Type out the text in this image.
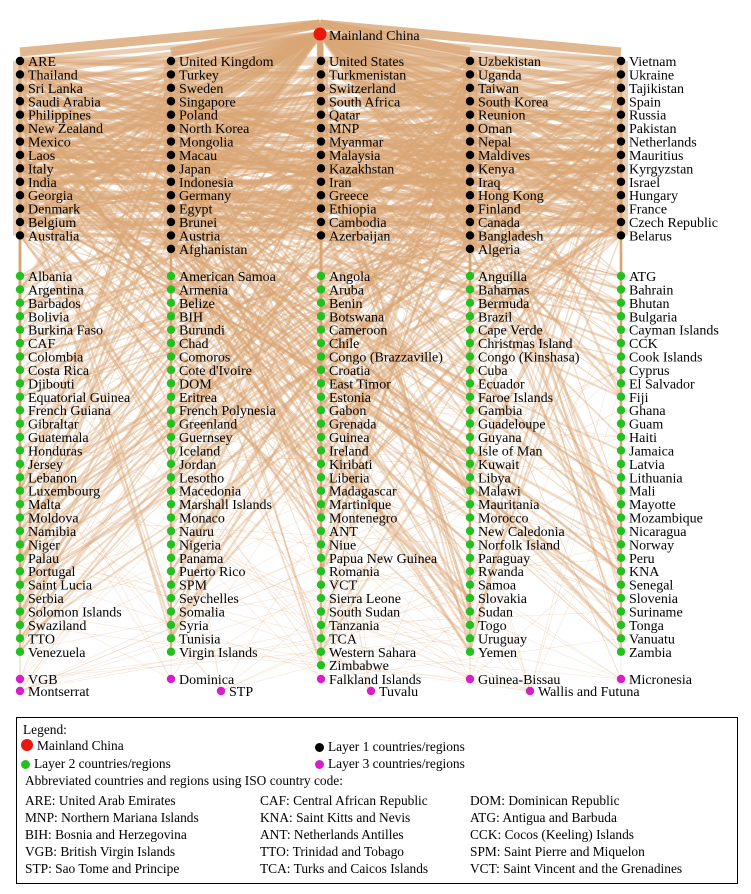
ARE
Thailand
Sri Lanka
Saudi Arabia
Philippines
New Zealand
Mexico
Laos
Italy
India
Georgia
Denmark
Belgium
Australia
United Kingdom
Turkey
Sweden
Singapore
Poland
North Korea
Mongolia
Macau
Japan
Indonesia
Germany
Egypt
Brunei
Austria
Afghanistan
United States
Turkmenistan
Switzerland
South Africa
Qatar
MNP
Myanmar
Malaysia
Kazakhstan
Iran
Greece
Ethiopia
Cambodia
Azerbaijan
Uzbekistan
Uganda
Taiwan
South Korea
Reunion
Oman
Nepal
Maldives
Kenya
Iraq
Hong Kong
Finland
Canada
Bangladesh
Algeria
Vietnam
Ukraine
Tajikistan
Spain
Russia
Pakistan
Netherlands
Mauritius
Kyrgyzstan
Israel
Hungary
France
Czech Republic
Belarus
Albania
Argentina
Barbados
Bolivia
Burkina Faso
CAF
Colombia
Costa Rica
Djibouti
Equatorial Guinea
French Guiana
Gibraltar
Guatemala
Honduras
Jersey
Lebanon
Luxembourg
Malta
Moldova
Namibia
Niger
Palau
Portugal
Saint Lucia
Serbia
Solomon Islands
Swaziland
TTO
Venezuela
American Samoa
Armenia
Belize
BIH
Burundi
Chad
Comoros
Cote d'Ivoire
DOM
Eritrea
French Polynesia
Greenland
Guernsey
Iceland
Jordan
Lesotho
Macedonia
Marshall Islands
Monaco
Nauru
Nigeria
Panama
Puerto Rico
SPM
Seychelles
Somalia
Syria
Tunisia
Virgin Islands
Angola
Aruba
Benin
Botswana
Cameroon
Chile
Congo (Brazzaville)
Croatia
East Timor
Estonia
Gabon
Grenada
Guinea
Ireland
Kiribati
Liberia
Madagascar
Martinique
Montenegro
ANT
Niue
Papua New Guinea
Romania
VCT
Sierra Leone
South Sudan
Tanzania
TCA
Western Sahara
Zimbabwe
Anguilla
Bahamas
Bermuda
Brazil
Cape Verde
Christmas Island
Congo (Kinshasa)
Cuba
Ecuador
Faroe Islands
Gambia
Guadeloupe
Guyana
Isle of Man
Kuwait
Libya
Malawi
Mauritania
Morocco
New Caledonia
Norfolk Island
Paraguay
Rwanda
Samoa
Slovakia
Sudan
Togo
Uruguay
Yemen
ATG
Bahrain
Bhutan
Bulgaria
Cayman Islands
CCK
Cook Islands
Cyprus
El Salvador
Fiji
Ghana
Guam
Haiti
Jamaica
Latvia
Lithuania
Mali
Mayotte
Mozambique
Nicaragua
Norway
Peru
KNA
Senegal
Slovenia
Suriname
Tonga
Vanuatu
Zambia
VGB
Montserrat
Dominica
STP
Falkland Islands
Tuvalu
Guinea-Bissau
Wallis and Futuna
Micronesia
Mainland China
Legend:
Mainland China	Layer 1 countries/regions
Layer 2 countries/regions	Layer 3 countries/regions
Abbreviated countries and regions using ISO country code:
ARE: United Arab Emirates	CAF: Central African Republic	DOM: Dominican Republic
MNP: Northern Mariana Islands	KNA: Saint Kitts and Nevis	ATG: Antigua and Barbuda
BIH: Bosnia and Herzegovina	ANT: Netherlands Antilles	CCK: Cocos (Keeling) Islands
VGB: British Virgin Islands	TTO: Trinidad and Tobago	SPM: Saint Pierre and Miquelon
STP: Sao Tome and Principe	TCA: Turks and Caicos Islands	VCT: Saint Vincent and the Grenadines
